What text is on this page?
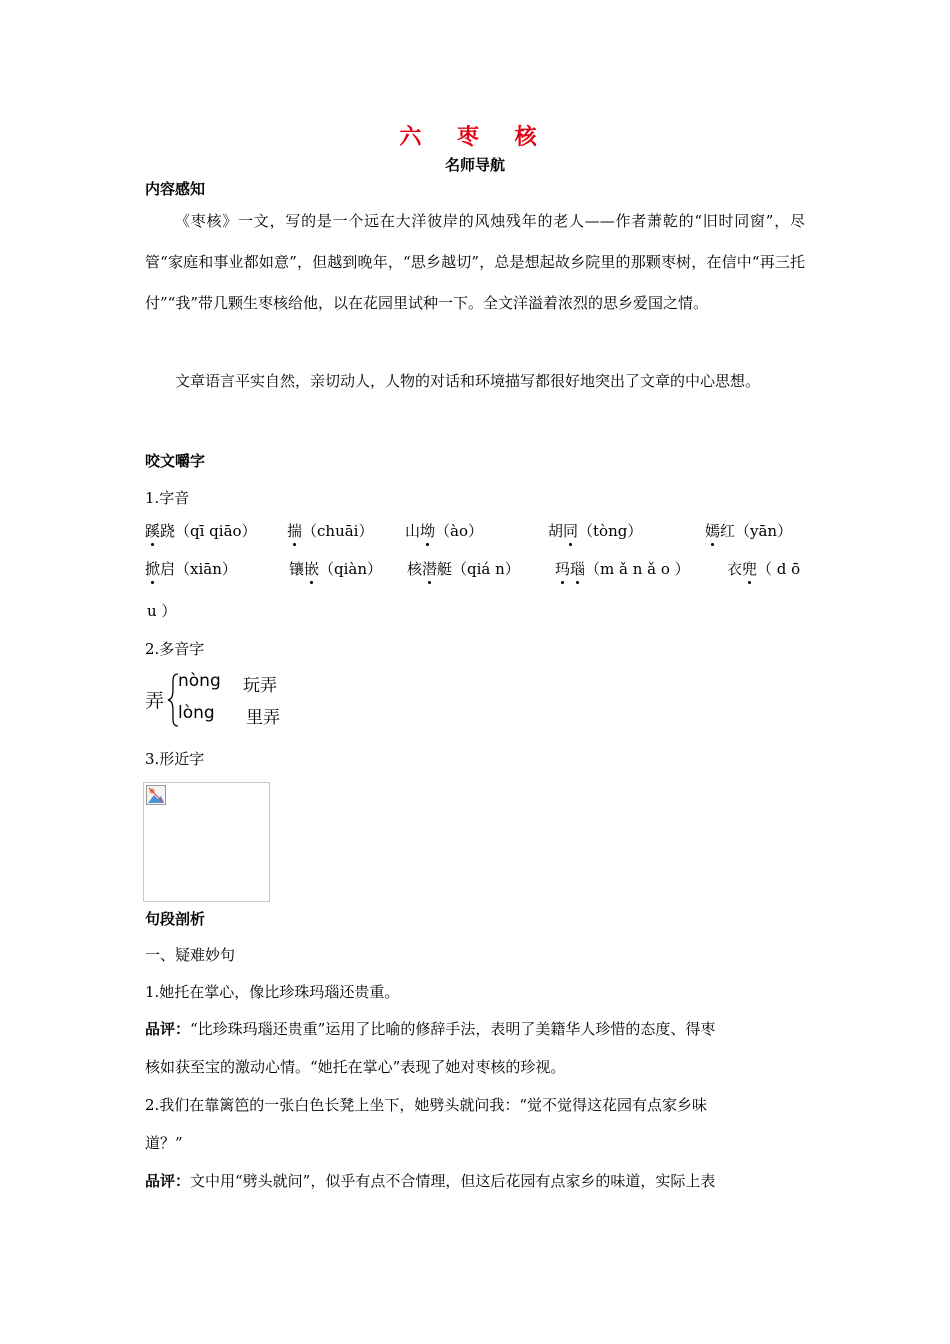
六 枣 核
名师导航
内容感知
《枣核》一文，写的是一个远在大洋彼岸的风烛残年的老人——作者萧乾的“旧时同窗”，尽管“家庭和事业都如意”，但越到晚年，“思乡越切”，总是想起故乡院里的那颗枣树，在信中“再三托付”“我”带几颗生枣核给他，以在花园里试种一下。全文洋溢着浓烈的思乡爱国之情。
文章语言平实自然，亲切动人，人物的对话和环境描写都很好地突出了文章的中心思想。
咬文嚼字
1.字音
蹊跷（qī qiāo） 揣（chuāi） 山坳（ào）	胡同（tòng）	嫣红（yān）
掀启（xiān）	镶嵌（qiàn） 核潜艇（qiá n） 玛瑙（m ǎ n ǎ o ） 衣兜（ d ō
u ）
2.多音字
弄
nòng 玩弄
lòng 里弄
3.形近字
句段剖析
一、疑难妙句
1.她托在掌心，像比珍珠玛瑙还贵重。
品评：“比珍珠玛瑙还贵重”运用了比喻的修辞手法，表明了美籍华人珍惜的态度、得枣
核如获至宝的激动心情。“她托在掌心”表现了她对枣核的珍视。
2.我们在靠篱笆的一张白色长凳上坐下，她劈头就问我：“觉不觉得这花园有点家乡味
道？”
品评：文中用“劈头就问”，似乎有点不合情理，但这后花园有点家乡的味道，实际上表
